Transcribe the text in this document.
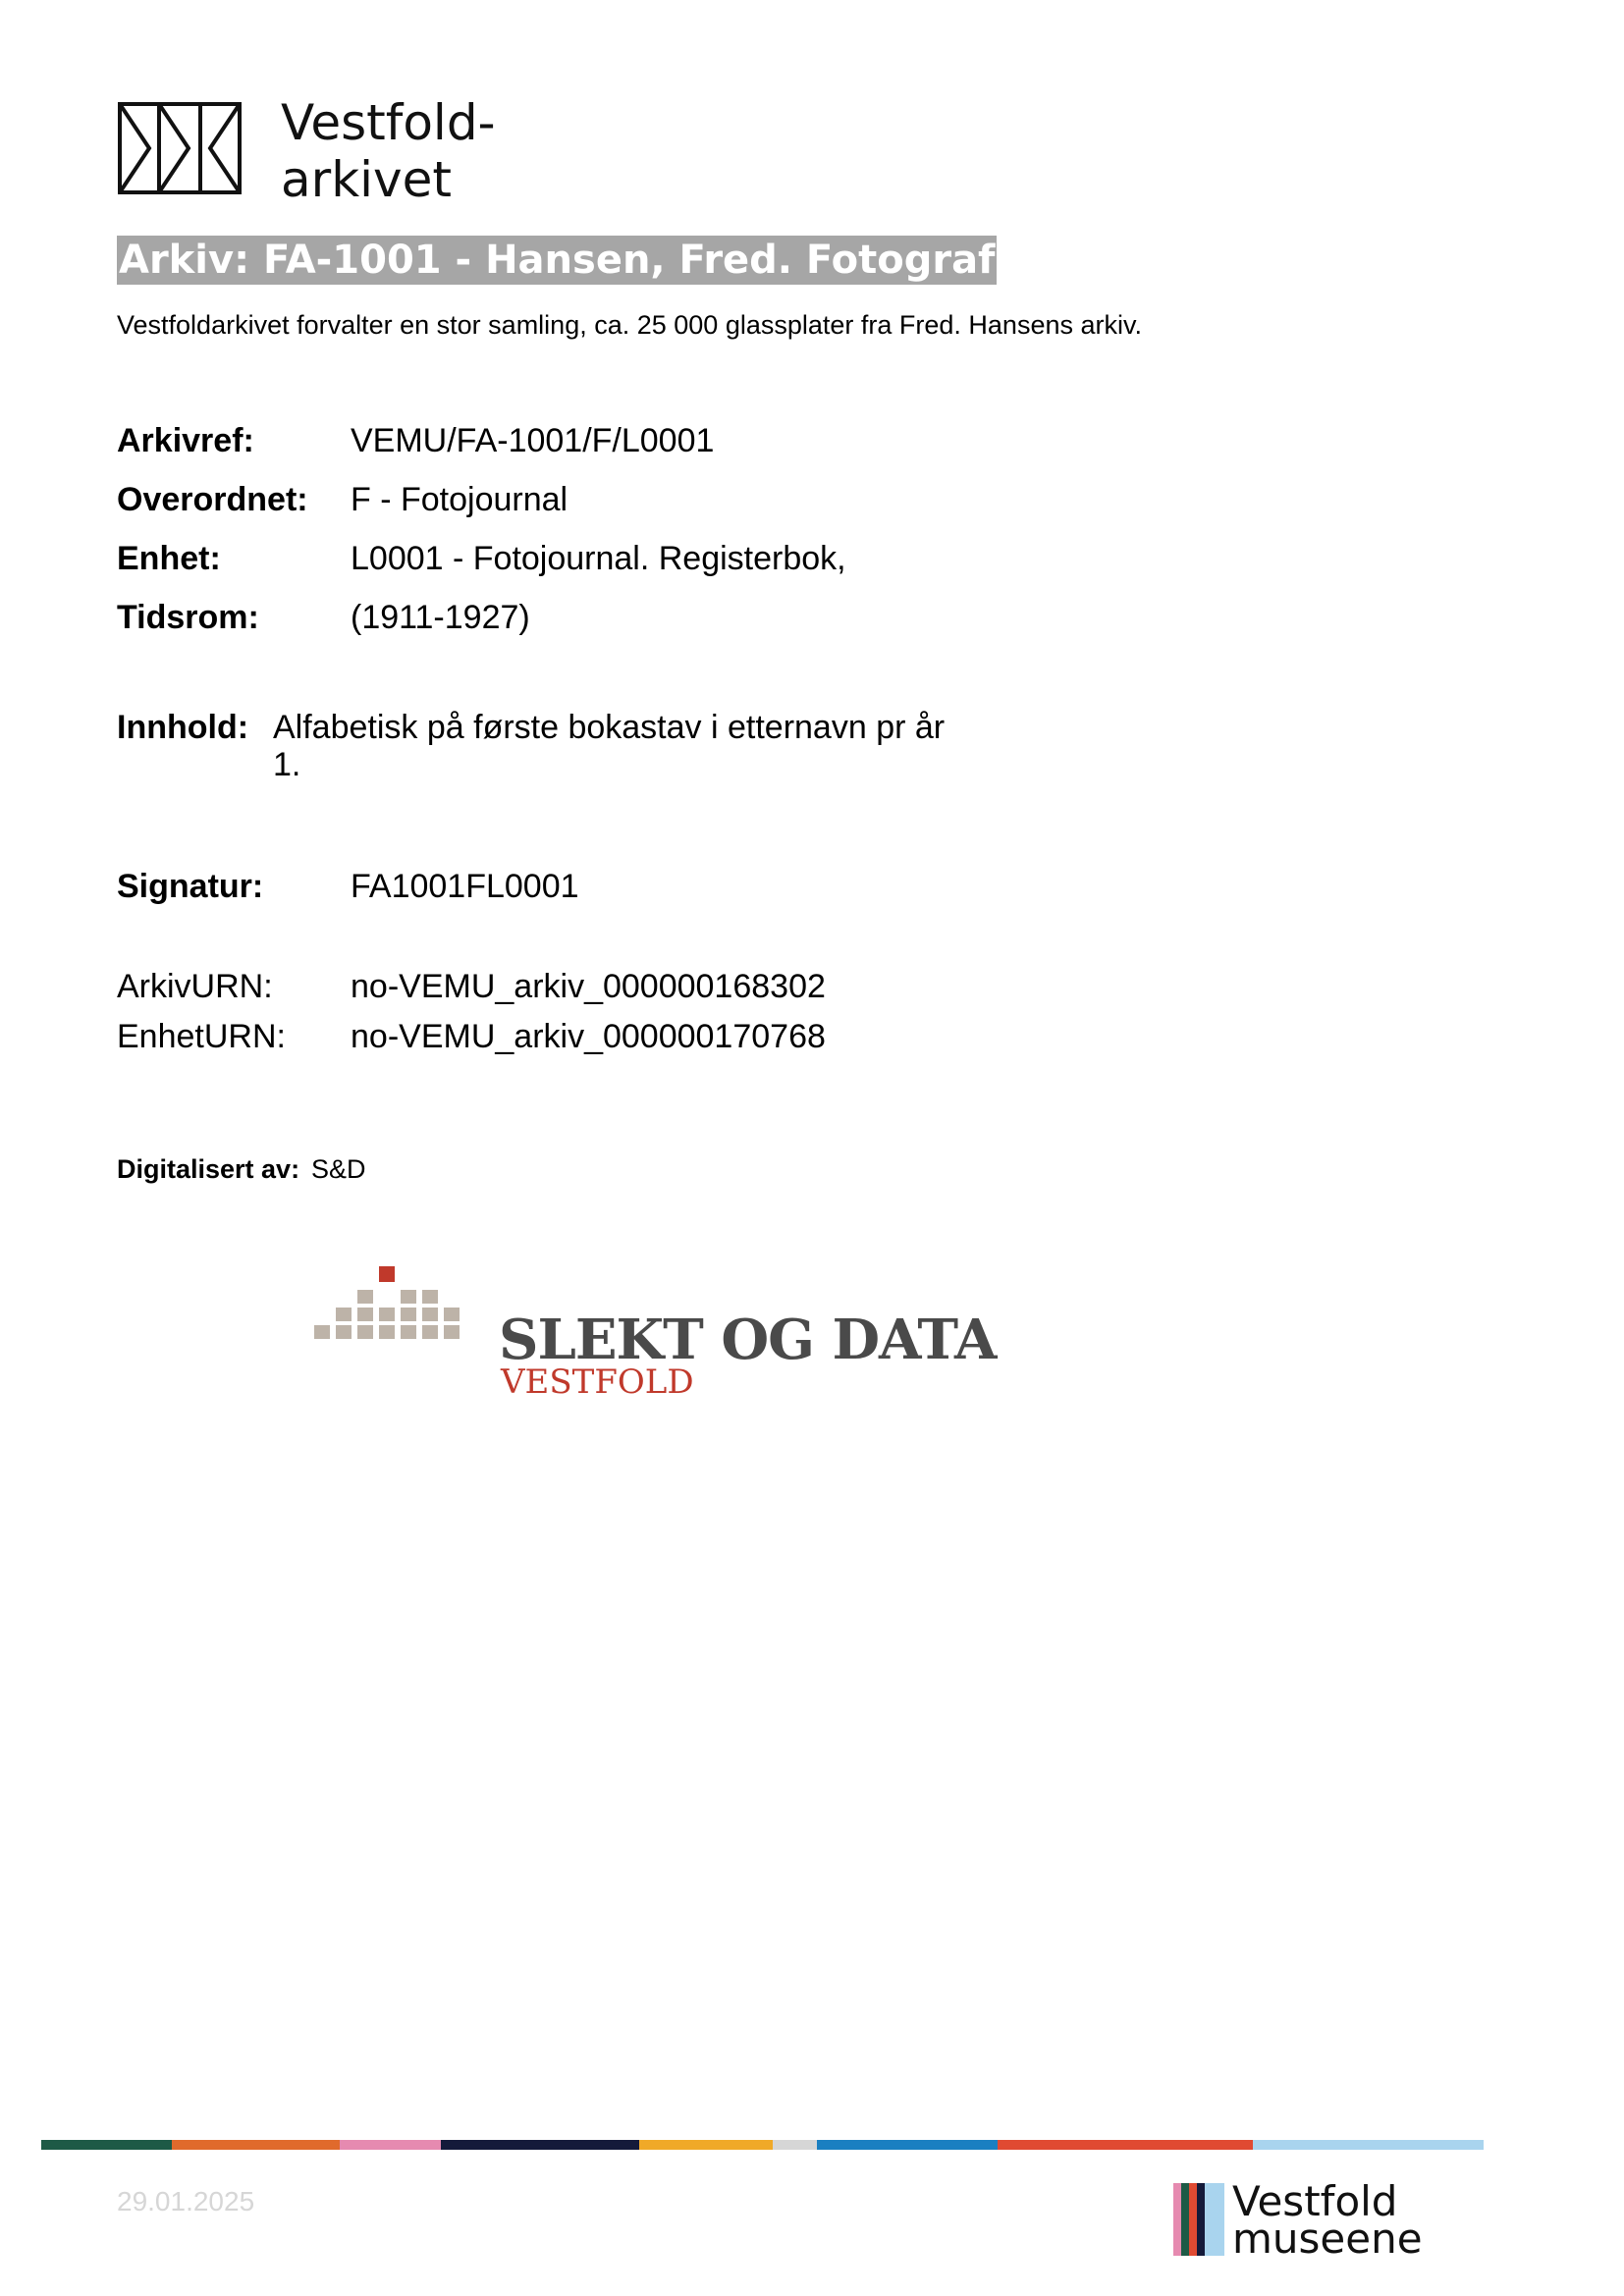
Vestfold-
arkivet
Arkiv: FA-1001 - Hansen, Fred. Fotograf
Vestfoldarkivet forvalter en stor samling, ca. 25 000 glassplater fra Fred. Hansens arkiv.
Arkivref:	VEMU/FA-1001/F/L0001
Overordnet: F - Fotojournal
Enhet:	L0001 - Fotojournal. Registerbok,
Tidsrom:	(1911-1927)
Innhold: Alfabetisk på første bokastav i etternavn pr år
1.
Signatur:	FA1001FL0001
ArkivURN: no-VEMU_arkiv_000000168302
EnhetURN: no-VEMU_arkiv_000000170768
Digitalisert av: S&D
SLEKT OG DATA
VESTFOLD
29.01.2025	Vestfold
museene
